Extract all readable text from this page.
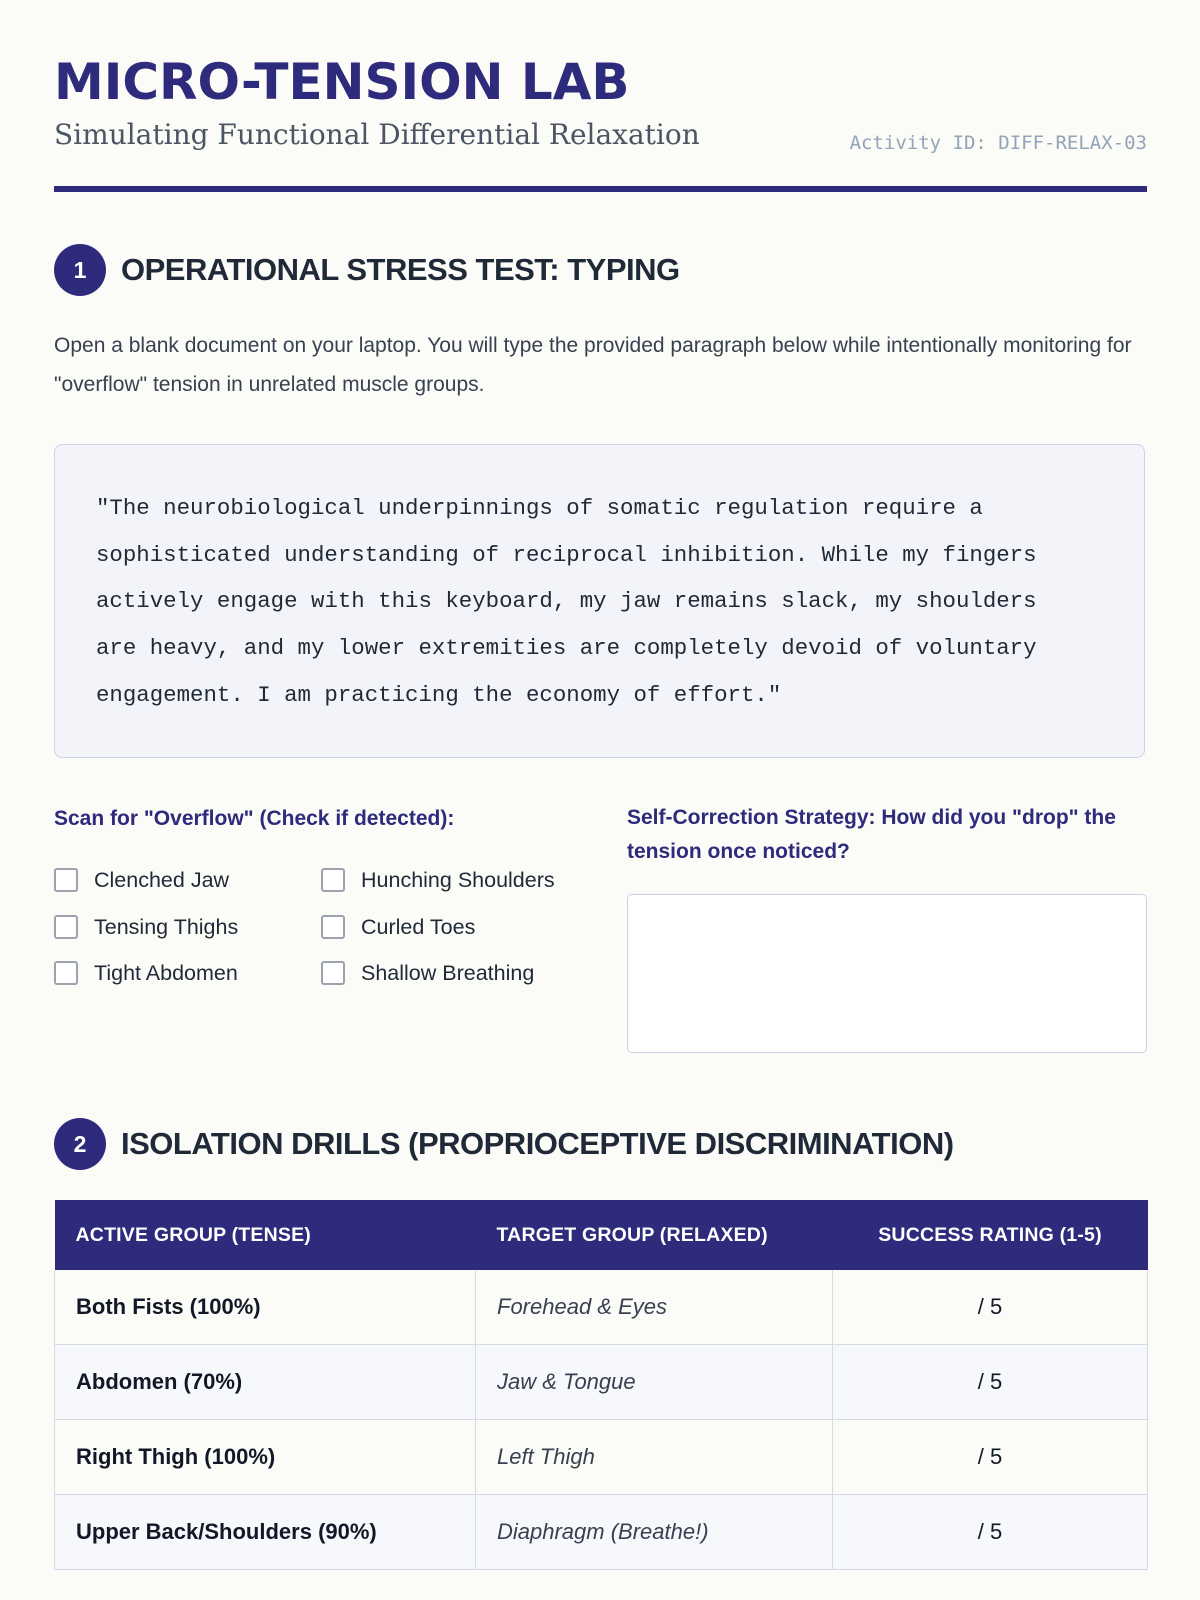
MICRO-TENSION LAB
Simulating Functional Differential Relaxation	Activity ID: DIFF-RELAX-03
1	OPERATIONAL STRESS TEST: TYPING

Open a blank document on your laptop. You will type the provided paragraph below while intentionally monitoring for "overflow" tension in unrelated muscle groups.

"The neurobiological underpinnings of somatic regulation require a
sophisticated understanding of reciprocal inhibition. While my fingers
actively engage with this keyboard, my jaw remains slack, my shoulders
are heavy, and my lower extremities are completely devoid of voluntary
engagement. I am practicing the economy of effort."

Scan for "Overflow" (Check if detected):
Clenched Jaw	Hunching Shoulders
Tensing Thighs	Curled Toes
Tight Abdomen	Shallow Breathing
Self-Correction Strategy: How did you "drop" the tension once noticed?
2	ISOLATION DRILLS (PROPRIOCEPTIVE DISCRIMINATION)
ACTIVE GROUP (TENSE)	TARGET GROUP (RELAXED)	SUCCESS RATING (1-5)
Both Fists (100%)	Forehead & Eyes	/ 5
Abdomen (70%)	Jaw & Tongue	/ 5
Right Thigh (100%)	Left Thigh	/ 5
Upper Back/Shoulders (90%)	Diaphragm (Breathe!)	/ 5
